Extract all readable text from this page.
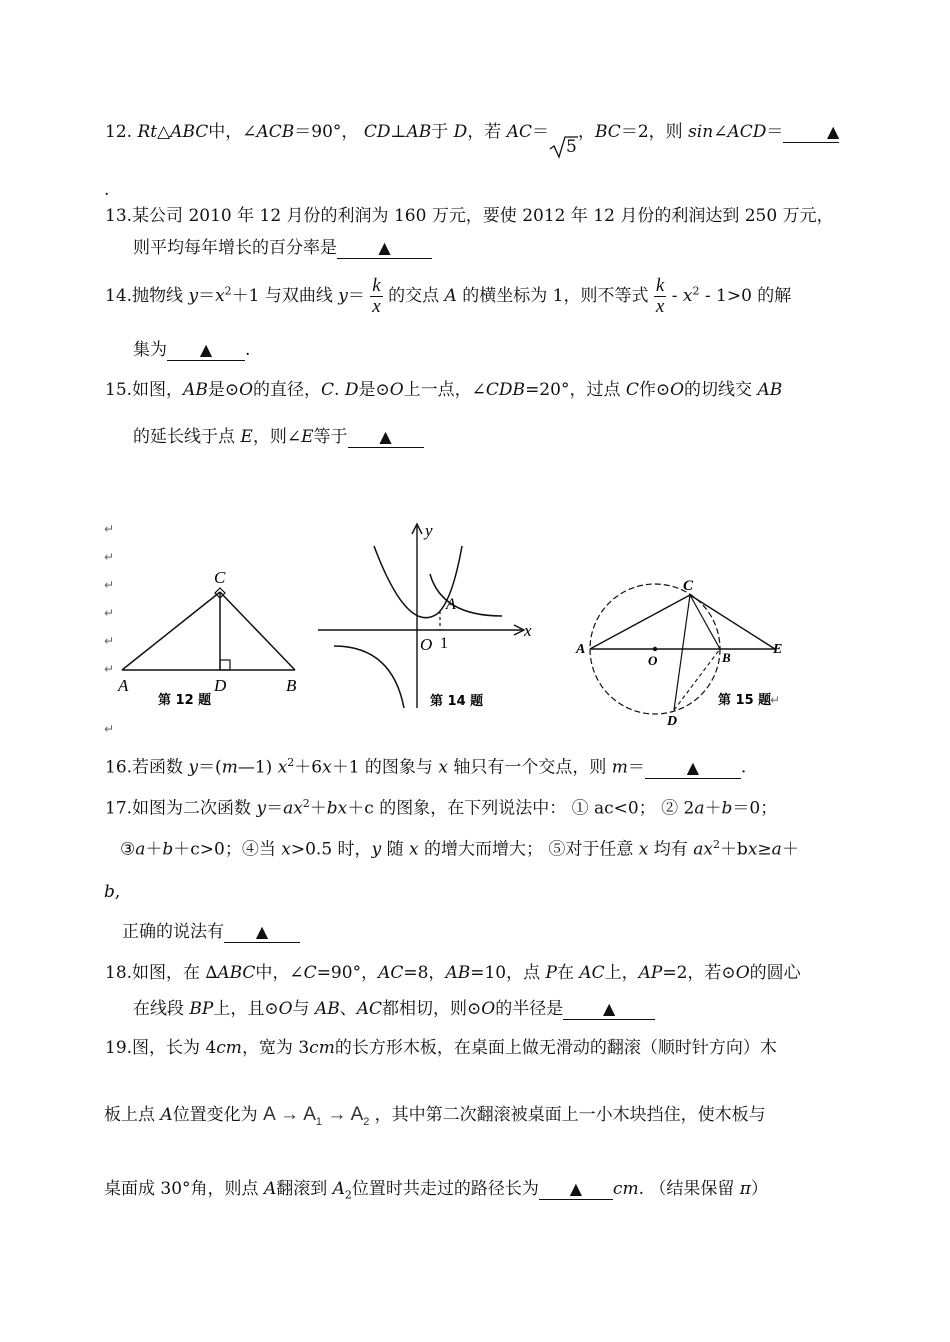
12. Rt△ABC中，∠ACB＝90°， CD⊥AB于 D，若 AC＝
5
，BC＝2，则 sin∠ACD＝	▲
.
13.某公司 2010 年 12 月份的利润为 160 万元，要使 2012 年 12 月份的利润达到 250 万元，
则平均每年增长的百分率是	▲
14.抛物线 $y=x^2+1$ 与双曲线 $y= \frac{k}{x}$ 的交点 A 的横坐标为 1，则不等式 $\frac{k}{x} - x^2 - 1>0$ 的解
集为 ▲ .
15.如图，AB是⊙O的直径，C. D是⊙O上一点，∠CDB=20°，过点 C作⊙O的切线交 AB
的延长线于点 E，则∠E等于 ▲
↵
↵
↵
↵
↵
↵
↵
C
A	D	B
第 12 题
y
x
O
A
1
第 14 题
C
A
O	B
E
D
第 15 题
↵
16.若函数 y＝(m—1) $x^2+6x+1$ 的图象与 x 轴只有一个交点，则 m＝	▲ .
17.如图为二次函数 $y=ax^2+bx+c$ 的图象，在下列说法中： ① ac<0； ② 2a＋b＝0；
③a＋b＋c>0；④当 x>0.5 时，y 随 x 的增大而增大； ⑤对于任意 x 均有 $ax^2+bx\ge a+$
b,
正确的说法有 ▲
18.如图，在 ∆ABC中，∠C=90°，AC=8，AB=10，点 P在 AC上，AP=2，若⊙O的圆心
在线段 BP上，且⊙O与 AB、AC都相切，则⊙O的半径是 ▲
19.图，长为 4cm，宽为 3cm的长方形木板，在桌面上做无滑动的翻滚（顺时针方向）木
板上点 A位置变化为 $A \to A_1 \to A_2$ ，其中第二次翻滚被桌面上一小木块挡住，使木板与
桌面成 30°角，则点 A翻滚到 $A_2$位置时共走过的路径长为 ▲ cm. （结果保留 π）
